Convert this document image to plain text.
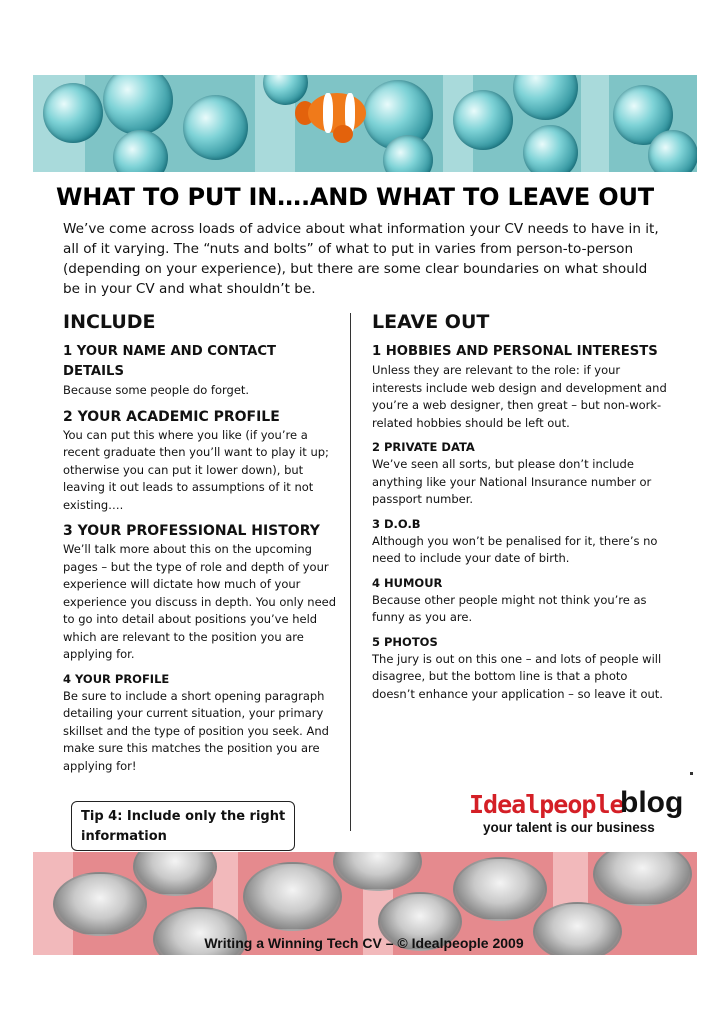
WHAT TO PUT IN….AND WHAT TO LEAVE OUT

We’ve come across loads of advice about what information your CV needs to have in it, all of it varying. The “nuts and bolts” of what to put in varies from person-to-person (depending on your experience), but there are some clear boundaries on what should be in your CV and what shouldn’t be.

INCLUDE
1 YOUR NAME AND CONTACT DETAILS
Because some people do forget.
2 YOUR ACADEMIC PROFILE
You can put this where you like (if you’re a recent graduate then you’ll want to play it up; otherwise you can put it lower down), but leaving it out leads to assumptions of it not existing….
3 YOUR PROFESSIONAL HISTORY
We’ll talk more about this on the upcoming pages – but the type of role and depth of your experience will dictate how much of your experience you discuss in depth. You only need to go into detail about positions you’ve held which are relevant to the position you are applying for.
4 YOUR PROFILE
Be sure to include a short opening paragraph detailing your current situation, your primary skillset and the type of position you seek. And make sure this matches the position you are applying for!
LEAVE OUT
1 HOBBIES AND PERSONAL INTERESTS
Unless they are relevant to the role: if your interests include web design and development and you’re a web designer, then great – but non-work-related hobbies should be left out.
2 PRIVATE DATA
We’ve seen all sorts, but please don’t include anything like your National Insurance number or passport number.
3 D.O.B
Although you won’t be penalised for it, there’s no need to include your date of birth.
4 HUMOUR
Because other people might not think you’re as funny as you are.
5 PHOTOS
The jury is out on this one – and lots of people will disagree, but the bottom line is that a photo doesn’t enhance your application – so leave it out.
Idealpeople
blog
your talent is our business

Tip 4: Include only the right information

Writing a Winning Tech CV – © Idealpeople 2009
